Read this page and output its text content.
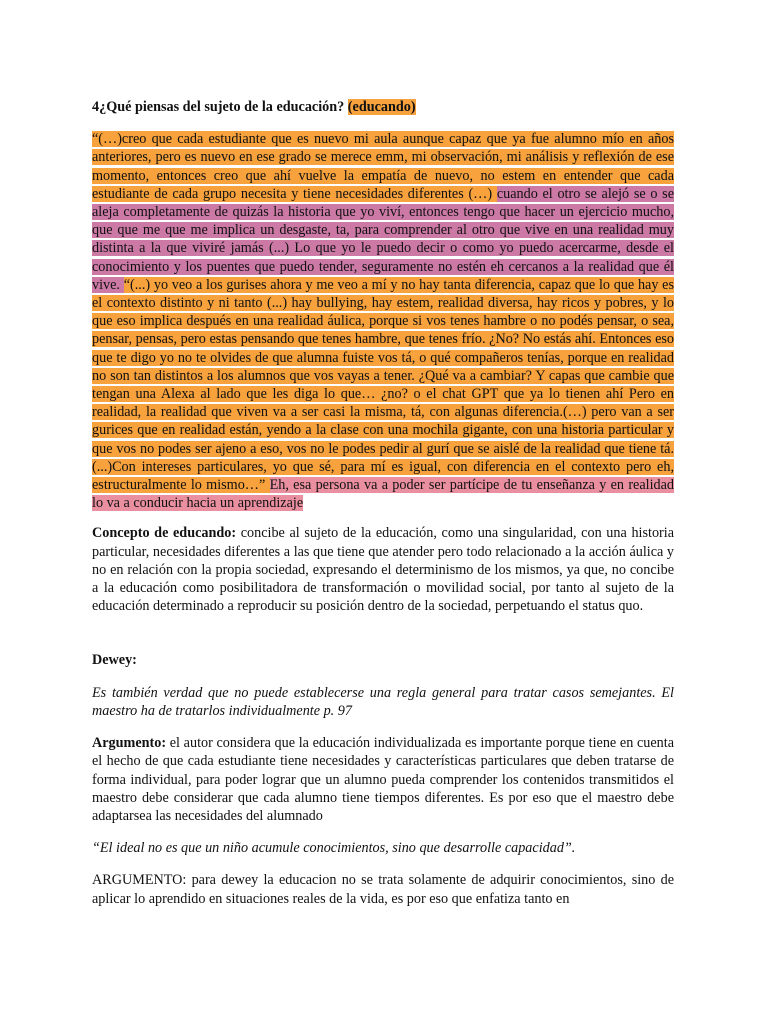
4¿Qué piensas del sujeto de la educación? (educando)

“(…)creo que cada estudiante que es nuevo mi aula aunque capaz que ya fue alumno mío en años anteriores, pero es nuevo en ese grado se merece emm, mi observación, mi análisis y reflexión de ese momento, entonces creo que ahí vuelve la empatía de nuevo, no estem en entender que cada estudiante de cada grupo necesita y tiene necesidades diferentes (…) cuando el otro se alejó se o se aleja completamente de quizás la historia que yo viví, entonces tengo que hacer un ejercicio mucho, que que me que me implica un desgaste, ta, para comprender al otro que vive en una realidad muy distinta a la que viviré jamás (...) Lo que yo le puedo decir o como yo puedo acercarme, desde el conocimiento y los puentes que puedo tender, seguramente no estén eh cercanos a la realidad que él vive. “(...) yo veo a los gurises ahora y me veo a mí y no hay tanta diferencia, capaz que lo que hay es el contexto distinto y ni tanto (...) hay bullying, hay estem, realidad diversa, hay ricos y pobres, y lo que eso implica después en una realidad áulica, porque si vos tenes hambre o no podés pensar, o sea, pensar, pensas, pero estas pensando que tenes hambre, que tenes frío. ¿No? No estás ahí. Entonces eso que te digo yo no te olvides de que alumna fuiste vos tá, o qué compañeros tenías, porque en realidad no son tan distintos a los alumnos que vos vayas a tener. ¿Qué va a cambiar? Y capas que cambie que tengan una Alexa al lado que les diga lo que… ¿no? o el chat GPT que ya lo tienen ahí Pero en realidad, la realidad que viven va a ser casi la misma, tá, con algunas diferencia.(…) pero van a ser gurices que en realidad están, yendo a la clase con una mochila gigante, con una historia particular y que vos no podes ser ajeno a eso, vos no le podes pedir al gurí que se aislé de la realidad que tiene tá.(...)Con intereses particulares, yo que sé, para mí es igual, con diferencia en el contexto pero eh, estructuralmente lo mismo…” Eh, esa persona va a poder ser partícipe de tu enseñanza y en realidad lo va a conducir hacia un aprendizaje

Concepto de educando: concibe al sujeto de la educación, como una singularidad, con una historia particular, necesidades diferentes a las que tiene que atender pero todo relacionado a la acción áulica y no en relación con la propia sociedad, expresando el determinismo de los mismos, ya que, no concibe a la educación como posibilitadora de transformación o movilidad social, por tanto al sujeto de la educación determinado a reproducir su posición dentro de la sociedad, perpetuando el status quo.

Dewey:

Es también verdad que no puede establecerse una regla general para tratar casos semejantes. El maestro ha de tratarlos individualmente p. 97

Argumento: el autor considera que la educación individualizada es importante porque tiene en cuenta el hecho de que cada estudiante tiene necesidades y características particulares que deben tratarse de forma individual, para poder lograr que un alumno pueda comprender los contenidos transmitidos el maestro debe considerar que cada alumno tiene tiempos diferentes. Es por eso que el maestro debe adaptarsea las necesidades del alumnado

“El ideal no es que un niño acumule conocimientos, sino que desarrolle capacidad”.

ARGUMENTO: para dewey la educacion no se trata solamente de adquirir conocimientos, sino de aplicar lo aprendido en situaciones reales de la vida, es por eso que enfatiza tanto en
